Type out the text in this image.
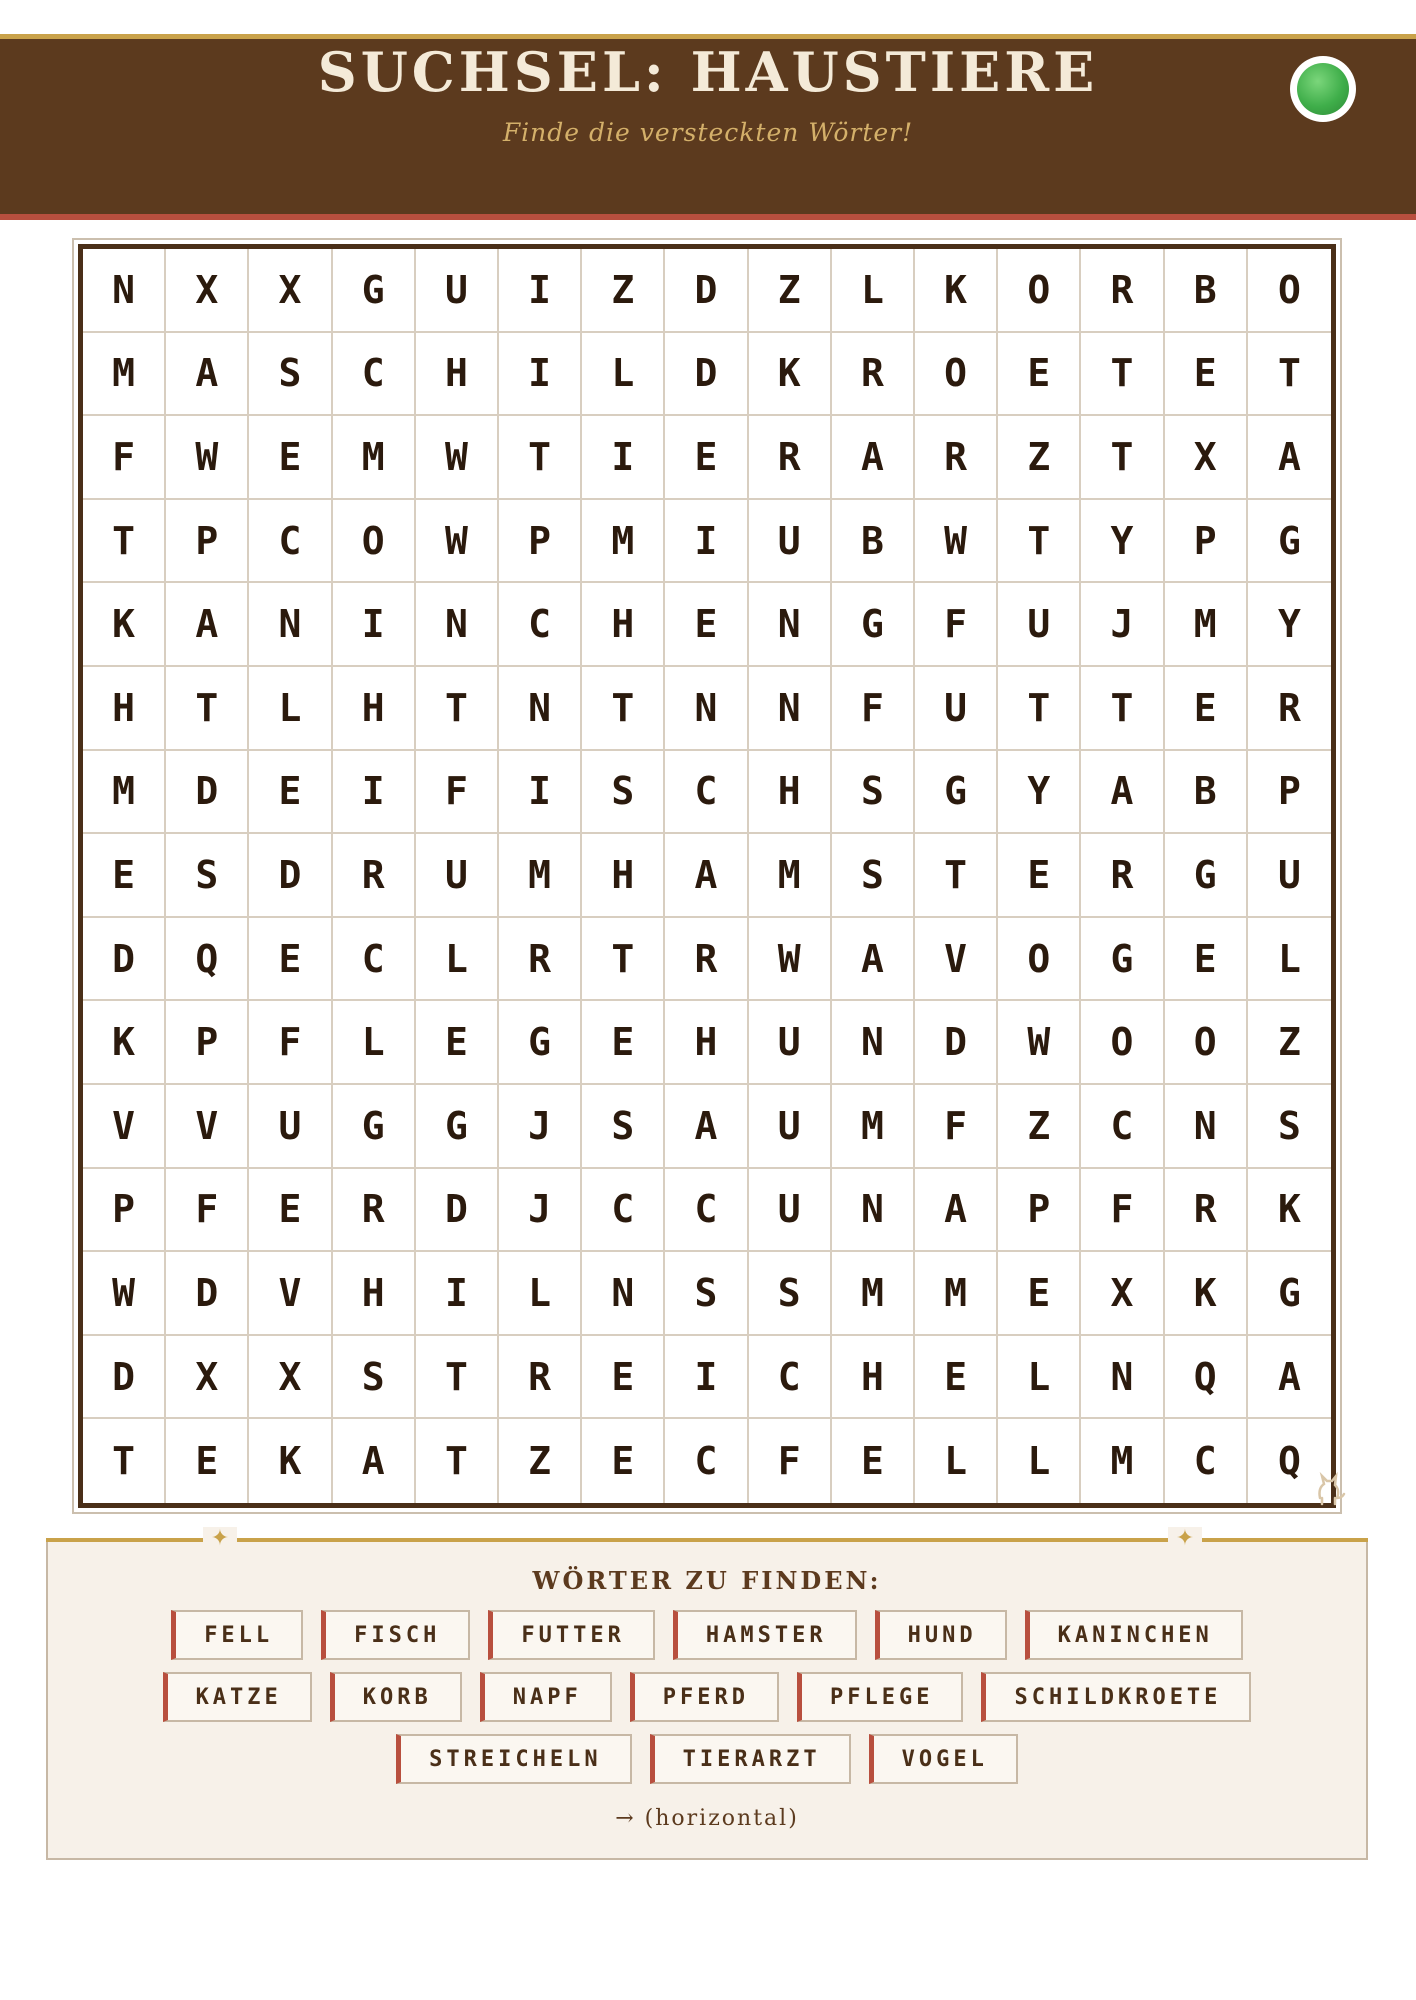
SUCHSEL: HAUSTIERE
Finde die versteckten Wörter!
N	X	X	G	U	I	Z	D	Z	L	K	O	R	B	O
M	A	S	C	H	I	L	D	K	R	O	E	T	E	T
F	W	E	M	W	T	I	E	R	A	R	Z	T	X	A
T	P	C	O	W	P	M	I	U	B	W	T	Y	P	G
K	A	N	I	N	C	H	E	N	G	F	U	J	M	Y
H	T	L	H	T	N	T	N	N	F	U	T	T	E	R
M	D	E	I	F	I	S	C	H	S	G	Y	A	B	P
E	S	D	R	U	M	H	A	M	S	T	E	R	G	U
D	Q	E	C	L	R	T	R	W	A	V	O	G	E	L
K	P	F	L	E	G	E	H	U	N	D	W	O	O	Z
V	V	U	G	G	J	S	A	U	M	F	Z	C	N	S
P	F	E	R	D	J	C	C	U	N	A	P	F	R	K
W	D	V	H	I	L	N	S	S	M	M	E	X	K	G
D	X	X	S	T	R	E	I	C	H	E	L	N	Q	A
T	E	K	A	T	Z	E	C	F	E	L	L	M	C	Q
✦	✦
WÖRTER ZU FINDEN:
FELL	FISCH	FUTTER	HAMSTER	HUND	KANINCHEN
KATZE	KORB	NAPF	PFERD	PFLEGE	SCHILDKROETE
STREICHELN	TIERARZT	VOGEL
→ (horizontal)
